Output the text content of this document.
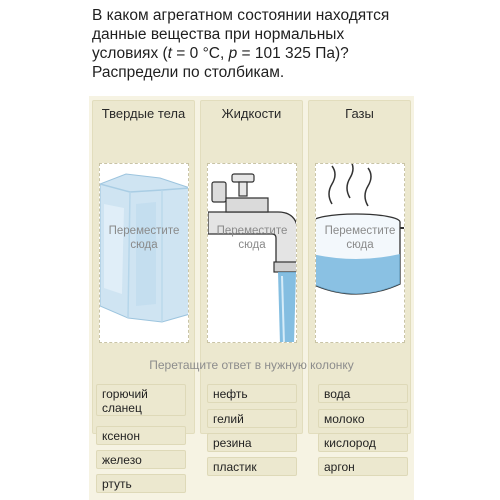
В каком агрегатном состоянии находятся
данные вещества при нормальных
условиях (t = 0 °С, p = 101 325 Па)?
Распредели по столбикам.
Твердые тела
Переместите
сюда
Жидкости
Переместите
сюда
Газы
Переместите
сюда
Перетащите ответ в нужную колонку
горючий сланец
ксенон
железо
ртуть
нефть
гелий
резина
пластик
вода
молоко
кислород
аргон
